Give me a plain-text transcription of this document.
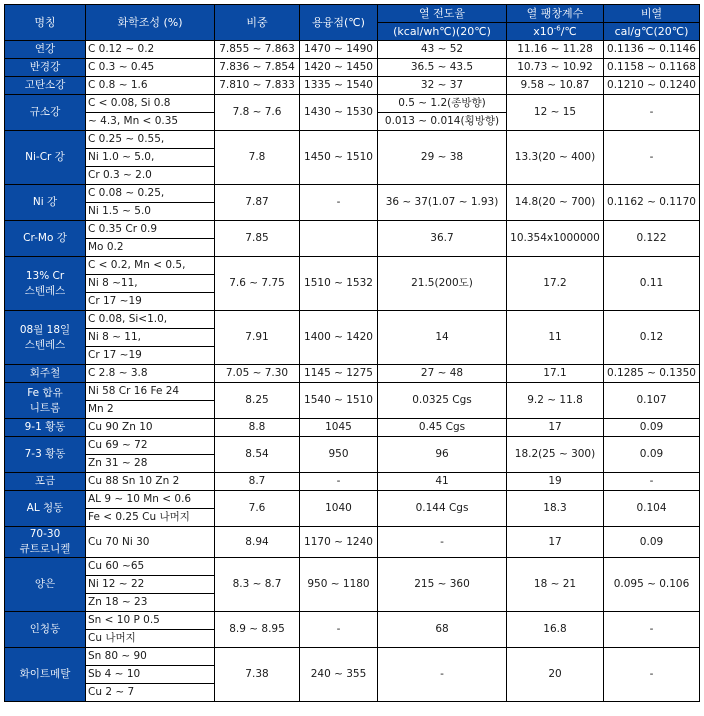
명칭	화학조성 (%)	비중	용융점(℃)	열 전도율	열 팽창계수	비열
				(kcal/wh℃)(20℃)	$x10^{-6}/℃$	cal/g℃(20℃)

연강	C 0.12 ~ 0.2	7.855 ~ 7.863	1470 ~ 1490	43 ~ 52	11.16 ~ 11.28	0.1136 ~ 0.1146

반경강	C 0.3 ~ 0.45	7.836 ~ 7.854	1420 ~ 1450	36.5 ~ 43.5	10.73 ~ 10.92	0.1158 ~ 0.1168

고탄소강	C 0.8 ~ 1.6	7.810 ~ 7.833	1335 ~ 1540	32 ~ 37	9.58 ~ 10.87	0.1210 ~ 0.1240

규소강	C < 0.08, Si 0.8	7.8 ~ 7.6	1430 ~ 1530	0.5 ~ 1.2(종방향)	12 ~ 15	-

	~ 4.3, Mn < 0.35			0.013 ~ 0.014(횡방향)		

Ni-Cr 강	C 0.25 ~ 0.55,	7.8	1450 ~ 1510	29 ~ 38	13.3(20 ~ 400)	-

	Ni 1.0 ~ 5.0,					

	Cr 0.3 ~ 2.0					

Ni 강	C 0.08 ~ 0.25,	7.87	-	36 ~ 37(1.07 ~ 1.93)	14.8(20 ~ 700)	0.1162 ~ 0.1170

	Ni 1.5 ~ 5.0					

Cr-Mo 강	C 0.35 Cr 0.9	7.85		36.7	10.354x1000000	0.122

	Mo 0.2					

13% Cr
스텐레스	C < 0.2, Mn < 0.5,	7.6 ~ 7.75	1510 ~ 1532	21.5(200도)	17.2	0.11

	Ni 8 ~11,					

	Cr 17 ~19					

08월 18일
스텐레스	C 0.08, Si<1.0,	7.91	1400 ~ 1420	14	11	0.12

	Ni 8 ~ 11,					

	Cr 17 ~19					

회주철	C 2.8 ~ 3.8	7.05 ~ 7.30	1145 ~ 1275	27 ~ 48	17.1	0.1285 ~ 0.1350

Fe 합유
니트롬	Ni 58 Cr 16 Fe 24	8.25	1540 ~ 1510	0.0325 Cgs	9.2 ~ 11.8	0.107

	Mn 2					

9-1 황동	Cu 90 Zn 10	8.8	1045	0.45 Cgs	17	0.09

7-3 황동	Cu 69 ~ 72	8.54	950	96	18.2(25 ~ 300)	0.09

	Zn 31 ~ 28					

포금	Cu 88 Sn 10 Zn 2	8.7	-	41	19	-

AL 청동	AL 9 ~ 10 Mn < 0.6	7.6	1040	0.144 Cgs	18.3	0.104

	Fe < 0.25 Cu 나머지					

70-30
큐트로니켈	Cu 70 Ni 30	8.94	1170 ~ 1240	-	17	0.09

양은	Cu 60 ~65	8.3 ~ 8.7	950 ~ 1180	215 ~ 360	18 ~ 21	0.095 ~ 0.106

	Ni 12 ~ 22					

	Zn 18 ~ 23					

인청동	Sn < 10 P 0.5	8.9 ~ 8.95	-	68	16.8	-

	Cu 나머지					

화이트메탈	Sn 80 ~ 90	7.38	240 ~ 355	-	20	-

	Sb 4 ~ 10					

	Cu 2 ~ 7					
